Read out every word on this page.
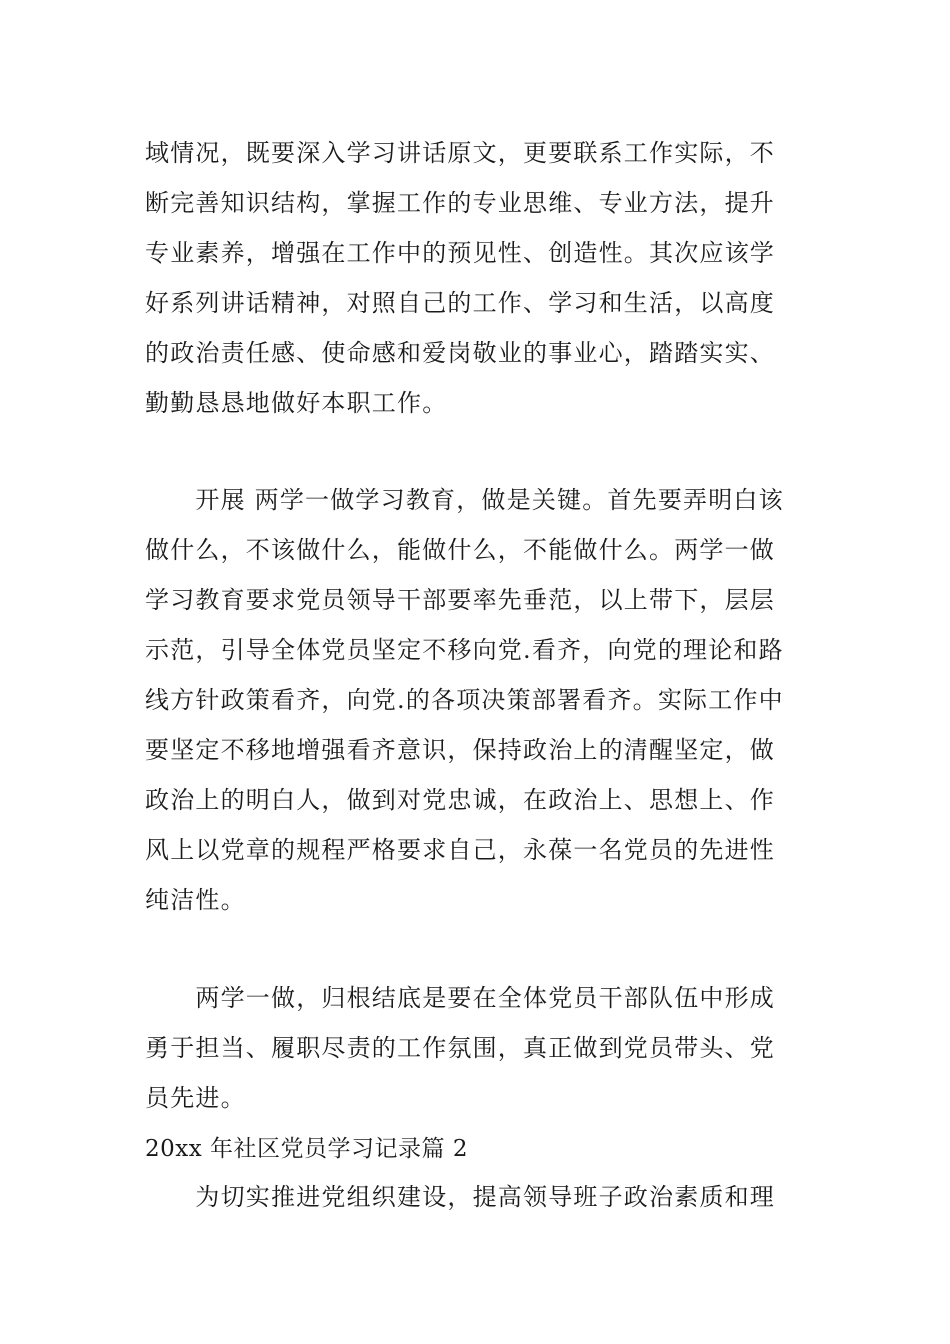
域情况，既要深入学习讲话原文，更要联系工作实际，不
断完善知识结构，掌握工作的专业思维、专业方法，提升
专业素养，增强在工作中的预见性、创造性。其次应该学
好系列讲话精神，对照自己的工作、学习和生活，以高度
的政治责任感、使命感和爱岗敬业的事业心，踏踏实实、
勤勤恳恳地做好本职工作。
　　开展 两学一做学习教育，做是关键。首先要弄明白该
做什么，不该做什么，能做什么，不能做什么。两学一做
学习教育要求党员领导干部要率先垂范，以上带下，层层
示范，引导全体党员坚定不移向党.看齐，向党的理论和路
线方针政策看齐，向党.的各项决策部署看齐。实际工作中
要坚定不移地增强看齐意识，保持政治上的清醒坚定，做
政治上的明白人，做到对党忠诚，在政治上、思想上、作
风上以党章的规程严格要求自己，永葆一名党员的先进性
纯洁性。
　　两学一做，归根结底是要在全体党员干部队伍中形成
勇于担当、履职尽责的工作氛围，真正做到党员带头、党
员先进。
20xx 年社区党员学习记录篇 2
　　为切实推进党组织建设，提高领导班子政治素质和理
